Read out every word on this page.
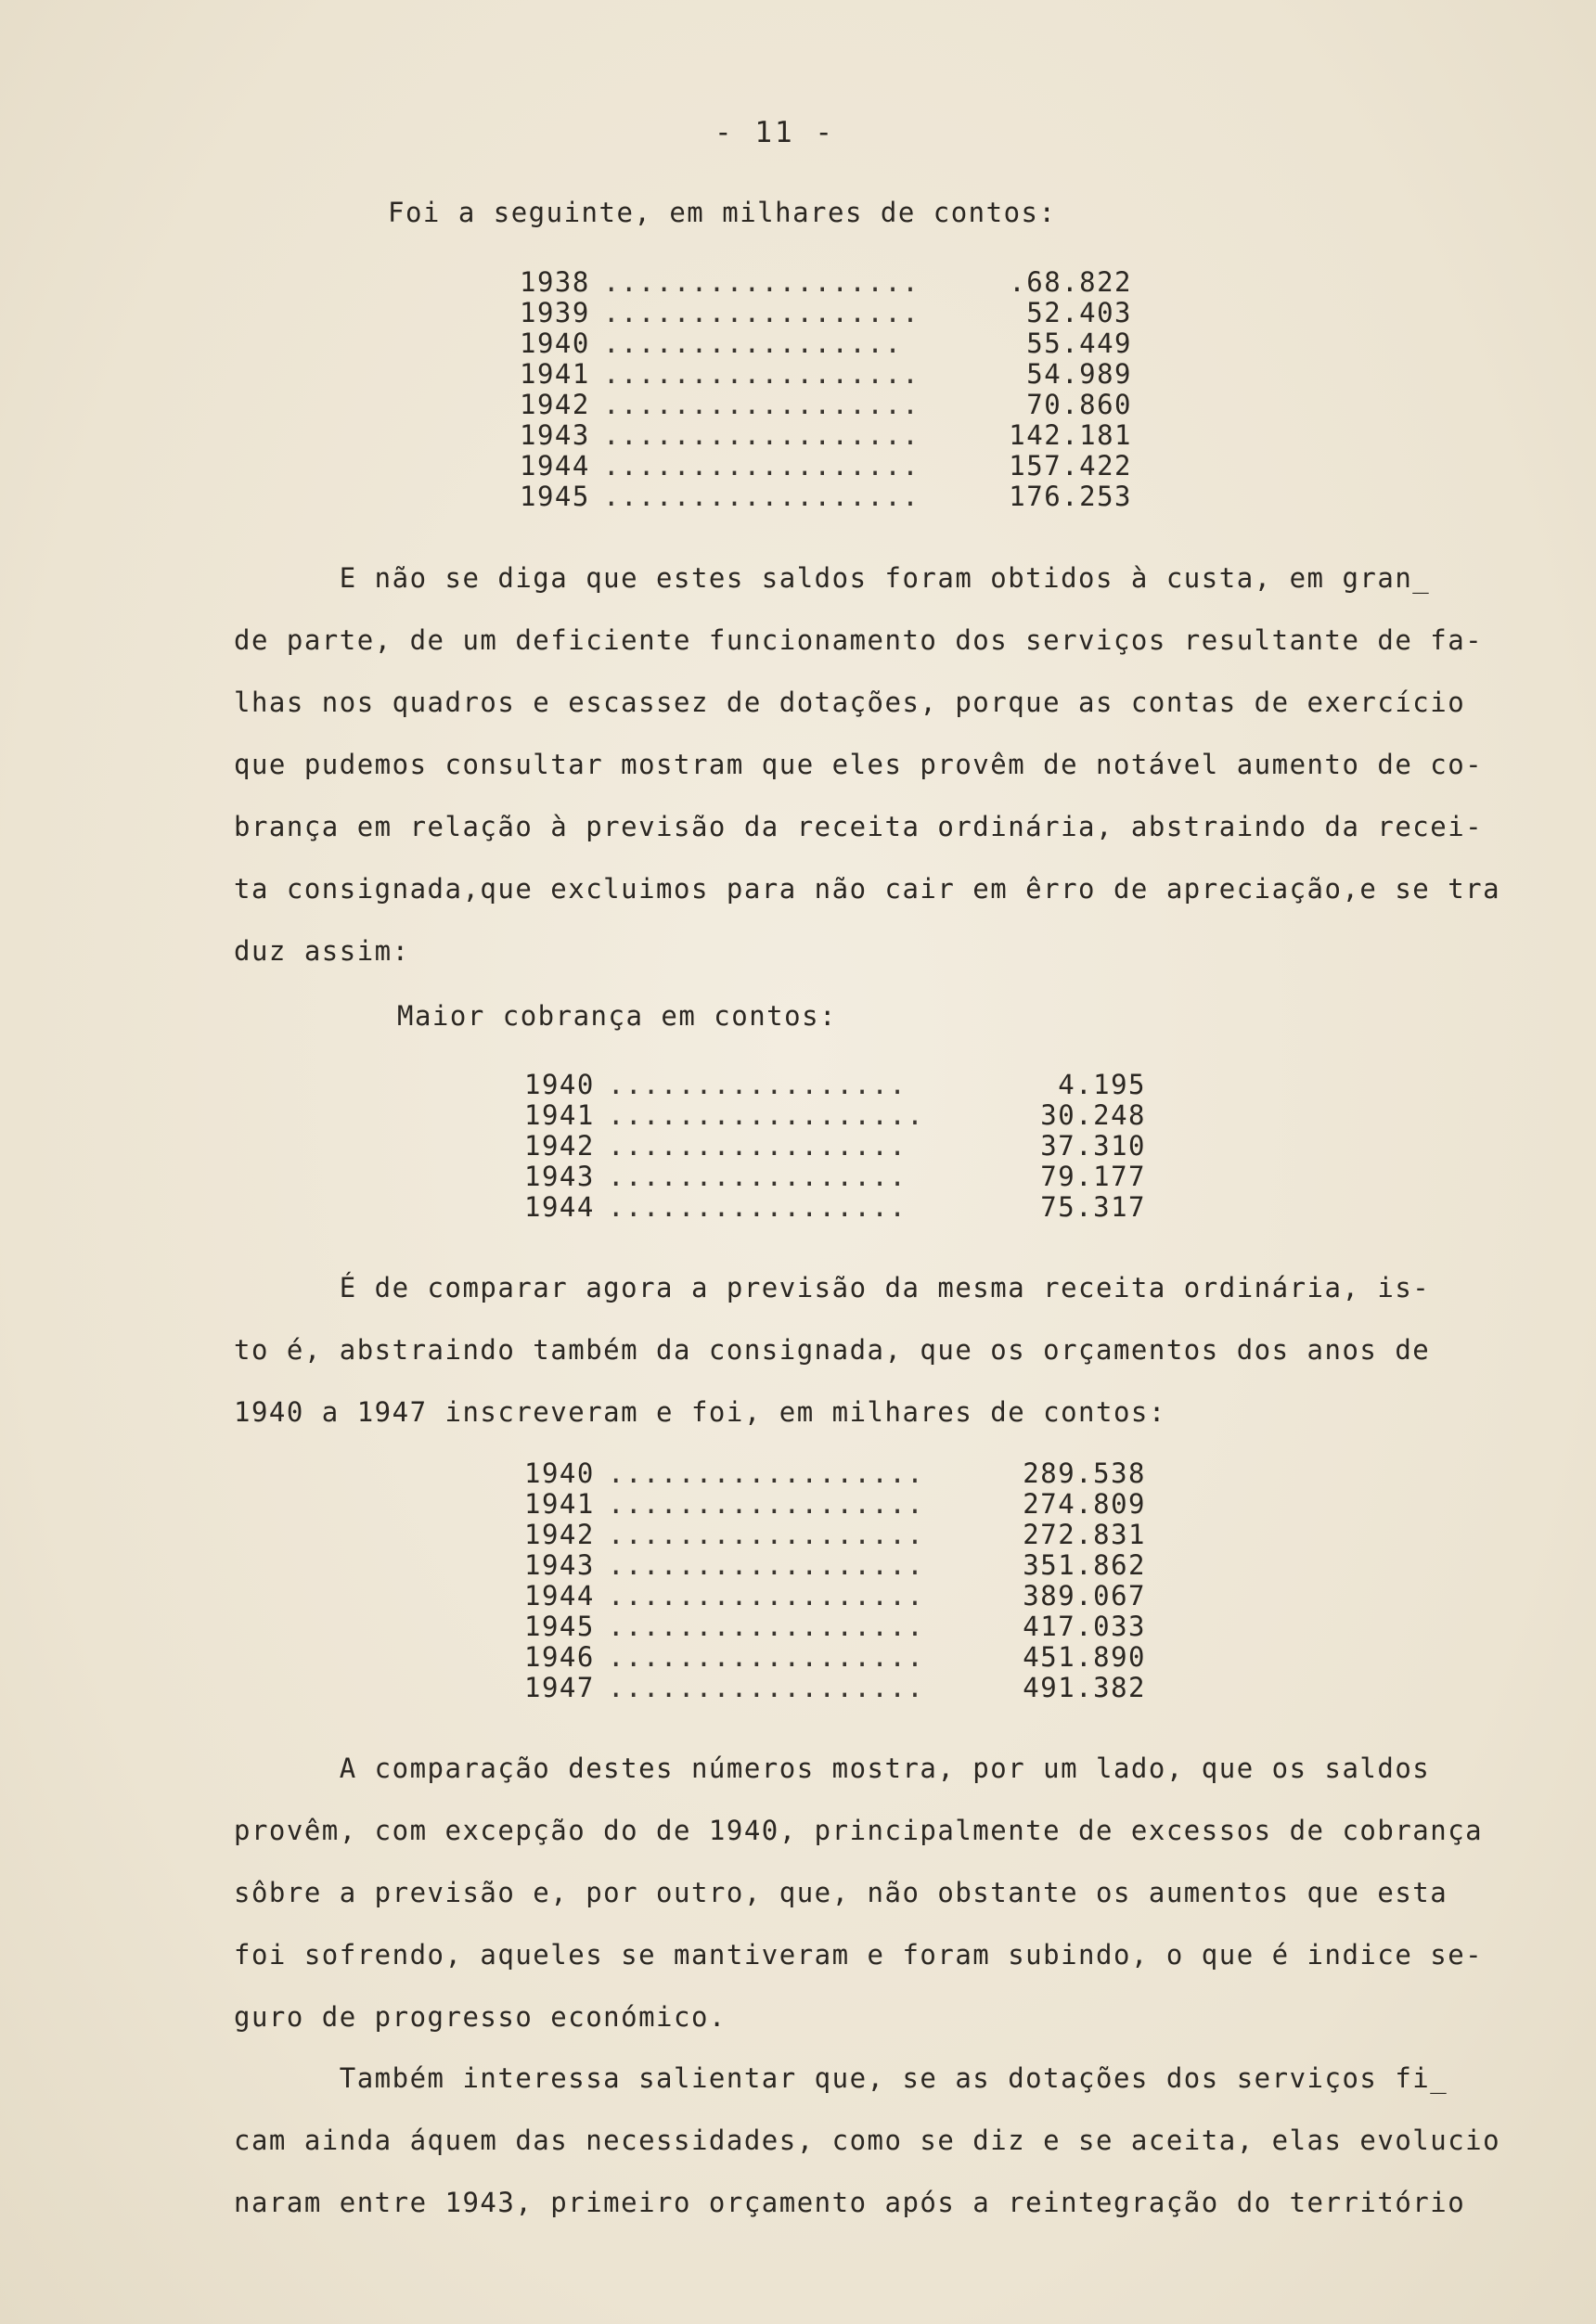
- 11 -
Foi a seguinte, em milhares de contos:
1938 ..................	.68.822
1939 ..................	52.403
1940 .................	55.449
1941 ..................	54.989
1942 ..................	70.860
1943 ..................	142.181
1944 ..................	157.422
1945 ..................	176.253
E não se diga que estes saldos foram obtidos à custa, em gran_
de parte, de um deficiente funcionamento dos serviços resultante de fa-
lhas nos quadros e escassez de dotações, porque as contas de exercício
que pudemos consultar mostram que eles provêm de notável aumento de co-
brança em relação à previsão da receita ordinária, abstraindo da recei-
ta consignada,que excluimos para não cair em êrro de apreciação,e se tra
duz assim:
Maior cobrança em contos:
1940 .................	4.195
1941 ..................	30.248
1942 .................	37.310
1943 .................	79.177
1944 .................	75.317
É de comparar agora a previsão da mesma receita ordinária, is-
to é, abstraindo também da consignada, que os orçamentos dos anos de
1940 a 1947 inscreveram e foi, em milhares de contos:
1940 ..................	289.538
1941 ..................	274.809
1942 ..................	272.831
1943 ..................	351.862
1944 ..................	389.067
1945 ..................	417.033
1946 ..................	451.890
1947 ..................	491.382
A comparação destes números mostra, por um lado, que os saldos
provêm, com excepção do de 1940, principalmente de excessos de cobrança
sôbre a previsão e, por outro, que, não obstante os aumentos que esta
foi sofrendo, aqueles se mantiveram e foram subindo, o que é indice se-
guro de progresso económico.
Também interessa salientar que, se as dotações dos serviços fi_
cam ainda áquem das necessidades, como se diz e se aceita, elas evolucio
naram entre 1943, primeiro orçamento após a reintegração do território
